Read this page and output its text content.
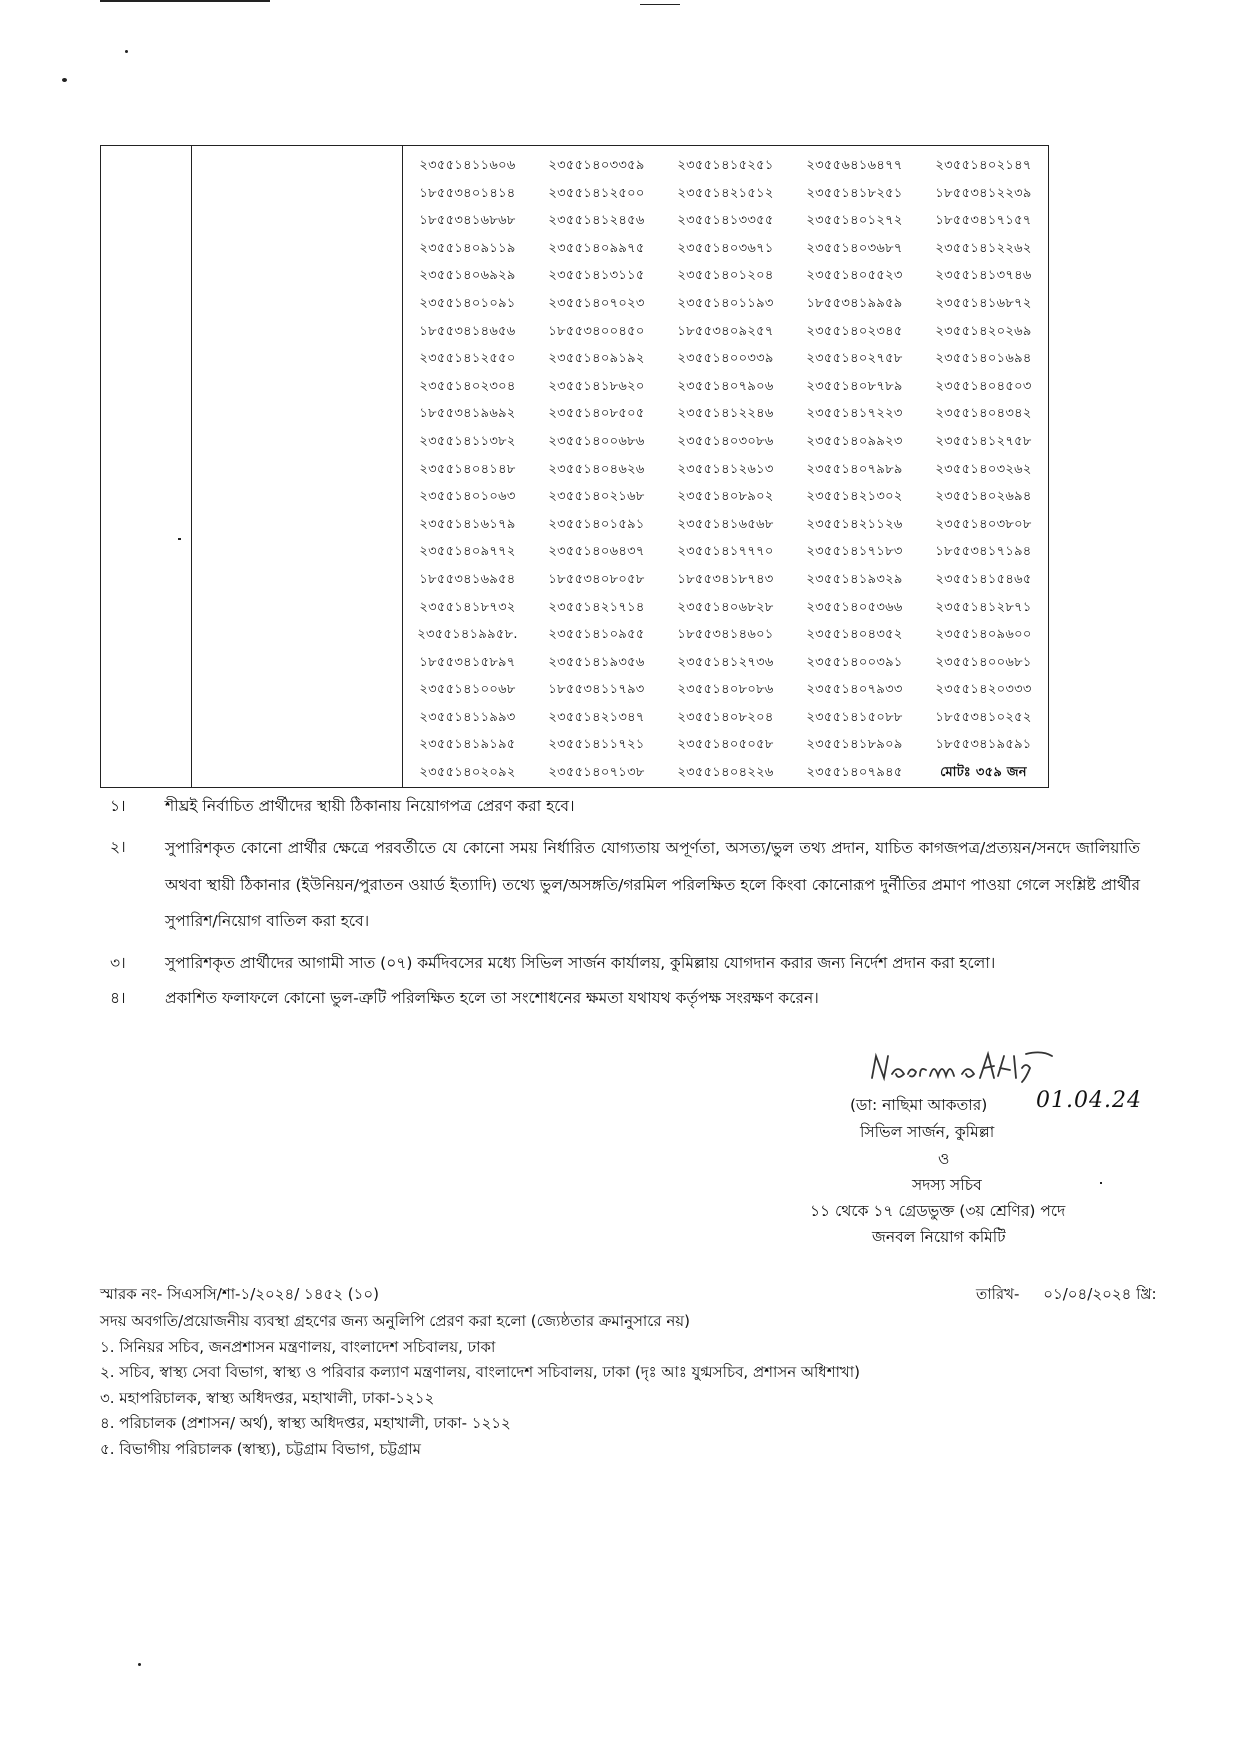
২৩৫৫১৪১১৬০৬	২৩৫৫১৪০৩৩৫৯	২৩৫৫১৪১৫২৫১	২৩৫৫৬৪১৬৪৭৭	২৩৫৫১৪০২১৪৭
১৮৫৫৩৪০১৪১৪	২৩৫৫১৪১২৫০০	২৩৫৫১৪২১৫১২	২৩৫৫১৪১৮২৫১	১৮৫৫৩৪১২২৩৯
১৮৫৫৩৪১৬৮৬৮	২৩৫৫১৪১২৪৫৬	২৩৫৫১৪১৩৩৫৫	২৩৫৫১৪০১২৭২	১৮৫৫৩৪১৭১৫৭
২৩৫৫১৪০৯১১৯	২৩৫৫১৪০৯৯৭৫	২৩৫৫১৪০৩৬৭১	২৩৫৫১৪০৩৬৮৭	২৩৫৫১৪১২২৬২
২৩৫৫১৪০৬৯২৯	২৩৫৫১৪১৩১১৫	২৩৫৫১৪০১২০৪	২৩৫৫১৪০৫৫২৩	২৩৫৫১৪১৩৭৪৬
২৩৫৫১৪০১০৯১	২৩৫৫১৪০৭০২৩	২৩৫৫১৪০১১৯৩	১৮৫৫৩৪১৯৯৫৯	২৩৫৫১৪১৬৮৭২
১৮৫৫৩৪১৪৬৫৬	১৮৫৫৩৪০০৪৫০	১৮৫৫৩৪০৯২৫৭	২৩৫৫১৪০২৩৪৫	২৩৫৫১৪২০২৬৯
২৩৫৫১৪১২৫৫০	২৩৫৫১৪০৯১৯২	২৩৫৫১৪০০৩৩৯	২৩৫৫১৪০২৭৫৮	২৩৫৫১৪০১৬৯৪
২৩৫৫১৪০২৩০৪	২৩৫৫১৪১৮৬২০	২৩৫৫১৪০৭৯০৬	২৩৫৫১৪০৮৭৮৯	২৩৫৫১৪০৪৫০৩
১৮৫৫৩৪১৯৬৯২	২৩৫৫১৪০৮৫০৫	২৩৫৫১৪১২২৪৬	২৩৫৫১৪১৭২২৩	২৩৫৫১৪০৪৩৪২
২৩৫৫১৪১১৩৮২	২৩৫৫১৪০০৬৮৬	২৩৫৫১৪০৩০৮৬	২৩৫৫১৪০৯৯২৩	২৩৫৫১৪১২৭৫৮
২৩৫৫১৪০৪১৪৮	২৩৫৫১৪০৪৬২৬	২৩৫৫১৪১২৬১৩	২৩৫৫১৪০৭৯৮৯	২৩৫৫১৪০৩২৬২
২৩৫৫১৪০১০৬৩	২৩৫৫১৪০২১৬৮	২৩৫৫১৪০৮৯০২	২৩৫৫১৪২১৩০২	২৩৫৫১৪০২৬৯৪
২৩৫৫১৪১৬১৭৯	২৩৫৫১৪০১৫৯১	২৩৫৫১৪১৬৫৬৮	২৩৫৫১৪২১১২৬	২৩৫৫১৪০৩৮০৮
২৩৫৫১৪০৯৭৭২	২৩৫৫১৪০৬৪৩৭	২৩৫৫১৪১৭৭৭০	২৩৫৫১৪১৭১৮৩	১৮৫৫৩৪১৭১৯৪
১৮৫৫৩৪১৬৯৫৪	১৮৫৫৩৪০৮০৫৮	১৮৫৫৩৪১৮৭৪৩	২৩৫৫১৪১৯৩২৯	২৩৫৫১৪১৫৪৬৫
২৩৫৫১৪১৮৭৩২	২৩৫৫১৪২১৭১৪	২৩৫৫১৪০৬৮২৮	২৩৫৫১৪০৫৩৬৬	২৩৫৫১৪১২৮৭১
২৩৫৫১৪১৯৯৫৮.	২৩৫৫১৪১০৯৫৫	১৮৫৫৩৪১৪৬০১	২৩৫৫১৪০৪৩৫২	২৩৫৫১৪০৯৬০০
১৮৫৫৩৪১৫৮৯৭	২৩৫৫১৪১৯৩৫৬	২৩৫৫১৪১২৭৩৬	২৩৫৫১৪০০৩৯১	২৩৫৫১৪০০৬৮১
২৩৫৫১৪১০০৬৮	১৮৫৫৩৪১১৭৯৩	২৩৫৫১৪০৮০৮৬	২৩৫৫১৪০৭৯৩৩	২৩৫৫১৪২০৩৩৩
২৩৫৫১৪১১৯৯৩	২৩৫৫১৪২১৩৪৭	২৩৫৫১৪০৮২০৪	২৩৫৫১৪১৫০৮৮	১৮৫৫৩৪১০২৫২
২৩৫৫১৪১৯১৯৫	২৩৫৫১৪১১৭২১	২৩৫৫১৪০৫০৫৮	২৩৫৫১৪১৮৯০৯	১৮৫৫৩৪১৯৫৯১
২৩৫৫১৪০২০৯২	২৩৫৫১৪০৭১৩৮	২৩৫৫১৪০৪২২৬	২৩৫৫১৪০৭৯৪৫	মোটঃ ৩৫৯ জন
১।	শীঘ্রই নির্বাচিত প্রার্থীদের স্থায়ী ঠিকানায় নিয়োগপত্র প্রেরণ করা হবে।
২।	সুপারিশকৃত কোনো প্রার্থীর ক্ষেত্রে পরবর্তীতে যে কোনো সময় নির্ধারিত যোগ্যতায় অপূর্ণতা, অসত্য/ভুল তথ্য প্রদান, যাচিত কাগজপত্র/প্রত্যয়ন/সনদে জালিয়াতি অথবা স্থায়ী ঠিকানার (ইউনিয়ন/পুরাতন ওয়ার্ড ইত্যাদি) তথ্যে ভুল/অসঙ্গতি/গরমিল পরিলক্ষিত হলে কিংবা কোনোরূপ দুর্নীতির প্রমাণ পাওয়া গেলে সংশ্লিষ্ট প্রার্থীর সুপারিশ/নিয়োগ বাতিল করা হবে।
৩।	সুপারিশকৃত প্রার্থীদের আগামী সাত (০৭) কর্মদিবসের মধ্যে সিভিল সার্জন কার্যালয়, কুমিল্লায় যোগদান করার জন্য নির্দেশ প্রদান করা হলো।
৪।	প্রকাশিত ফলাফলে কোনো ভুল-ত্রুটি পরিলক্ষিত হলে তা সংশোধনের ক্ষমতা যথাযথ কর্তৃপক্ষ সংরক্ষণ করেন।
01.04.24
(ডা: নাছিমা আকতার)
সিভিল সার্জন, কুমিল্লা
ও
সদস্য সচিব
১১ থেকে ১৭ গ্রেডভুক্ত (৩য় শ্রেণির) পদে
জনবল নিয়োগ কমিটি
স্মারক নং- সিএসসি/শা-১/২০২৪/ ১৪৫২ (১০)	তারিখ- ০১/০৪/২০২৪ খ্রি:
সদয় অবগতি/প্রয়োজনীয় ব্যবস্থা গ্রহণের জন্য অনুলিপি প্রেরণ করা হলো (জ্যেষ্ঠতার ক্রমানুসারে নয়)
১. সিনিয়র সচিব, জনপ্রশাসন মন্ত্রণালয়, বাংলাদেশ সচিবালয়, ঢাকা
২. সচিব, স্বাস্থ্য সেবা বিভাগ, স্বাস্থ্য ও পরিবার কল্যাণ মন্ত্রণালয়, বাংলাদেশ সচিবালয়, ঢাকা (দৃঃ আঃ যুগ্মসচিব, প্রশাসন অধিশাখা)
৩. মহাপরিচালক, স্বাস্থ্য অধিদপ্তর, মহাখালী, ঢাকা-১২১২
৪. পরিচালক (প্রশাসন/ অর্থ), স্বাস্থ্য অধিদপ্তর, মহাখালী, ঢাকা- ১২১২
৫. বিভাগীয় পরিচালক (স্বাস্থ্য), চট্টগ্রাম বিভাগ, চট্টগ্রাম
